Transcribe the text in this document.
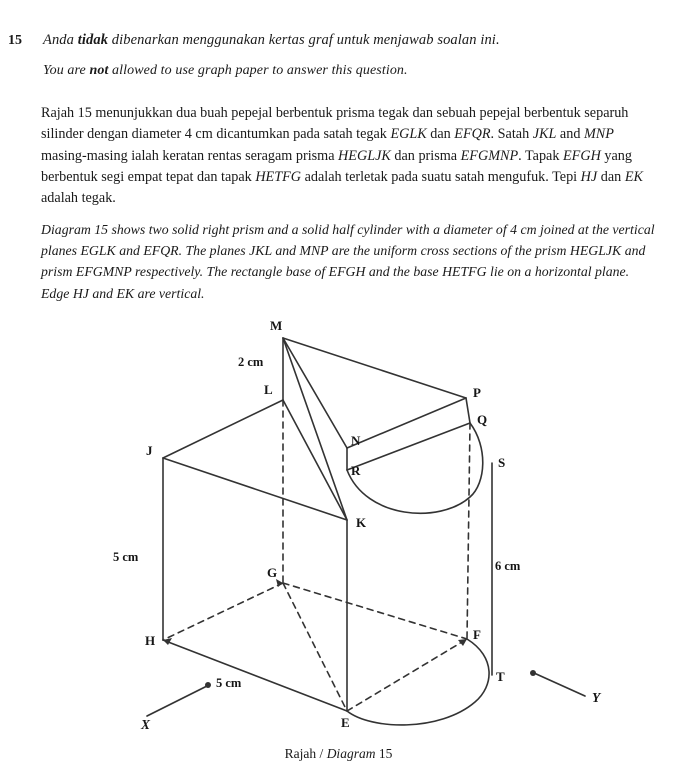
15 Anda tidak dibenarkan menggunakan kertas graf untuk menjawab soalan ini.
You are not allowed to use graph paper to answer this question.
Rajah 15 menunjukkan dua buah pepejal berbentuk prisma tegak dan sebuah pepejal berbentuk separuh silinder dengan diameter 4 cm dicantumkan pada satah tegak EGLK dan EFQR. Satah JKL and MNP masing-masing ialah keratan rentas seragam prisma HEGLJK dan prisma EFGMNP. Tapak EFGH yang berbentuk segi empat tepat dan tapak HETFG adalah terletak pada suatu satah mengufuk. Tepi HJ dan EK adalah tegak.
Diagram 15 shows two solid right prism and a solid half cylinder with a diameter of 4 cm joined at the vertical planes EGLK and EFQR. The planes JKL and MNP are the uniform cross sections of the prism HEGLJK and prism EFGMNP respectively. The rectangle base of EFGH and the base HETFG lie on a horizontal plane. Edge HJ and EK are vertical.
M
L
J
K
N
R
P
Q
S
G
H
E
F
T
X
Y
2 cm
5 cm
5 cm
6 cm
Rajah / Diagram 15
